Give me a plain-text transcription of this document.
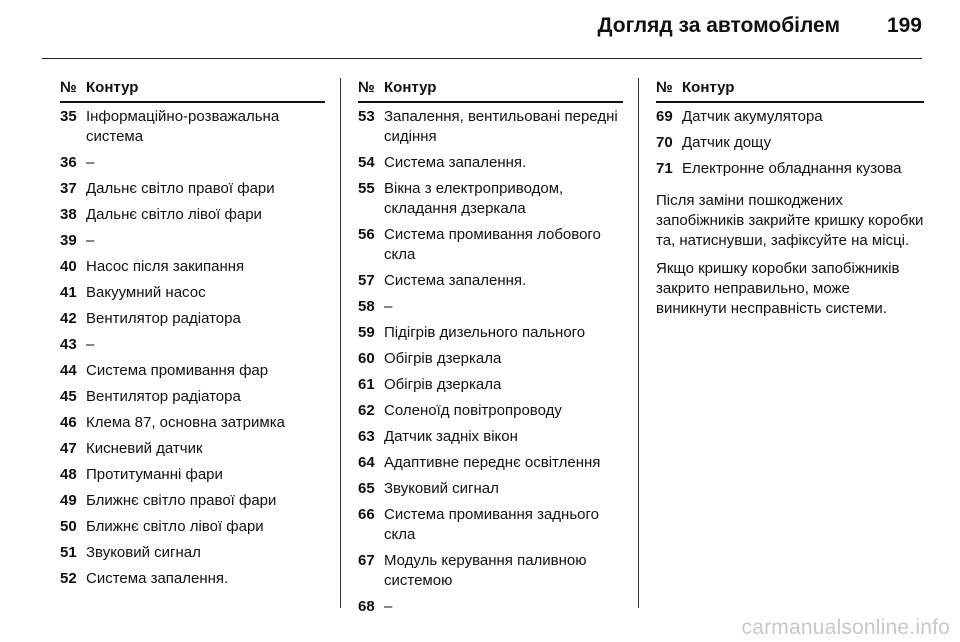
Догляд за автомобілем	199
№ Контур
35 Інформаційно-розважальна система
36 –
37 Дальнє світло правої фари
38 Дальнє світло лівої фари
39 –
40 Насос після закипання
41 Вакуумний насос
42 Вентилятор радіатора
43 –
44 Система промивання фар
45 Вентилятор радіатора
46 Клема 87, основна затримка
47 Кисневий датчик
48 Протитуманні фари
49 Ближнє світло правої фари
50 Ближнє світло лівої фари
51 Звуковий сигнал
52 Система запалення.
№ Контур
53 Запалення, вентильовані передні сидіння
54 Система запалення.
55 Вікна з електроприводом, складання дзеркала
56 Система промивання лобового скла
57 Система запалення.
58 –
59 Підігрів дизельного пального
60 Обігрів дзеркала
61 Обігрів дзеркала
62 Соленоїд повітропроводу
63 Датчик задніх вікон
64 Адаптивне переднє освітлення
65 Звуковий сигнал
66 Система промивання заднього скла
67 Модуль керування паливною системою
68 –
№ Контур
69 Датчик акумулятора
70 Датчик дощу
71 Електронне обладнання кузова

Після заміни пошкоджених запобіжників закрийте кришку коробки та, натиснувши, зафіксуйте на місці.

Якщо кришку коробки запобіжників закрито неправильно, може виникнути несправність системи.

carmanualsonline.info
